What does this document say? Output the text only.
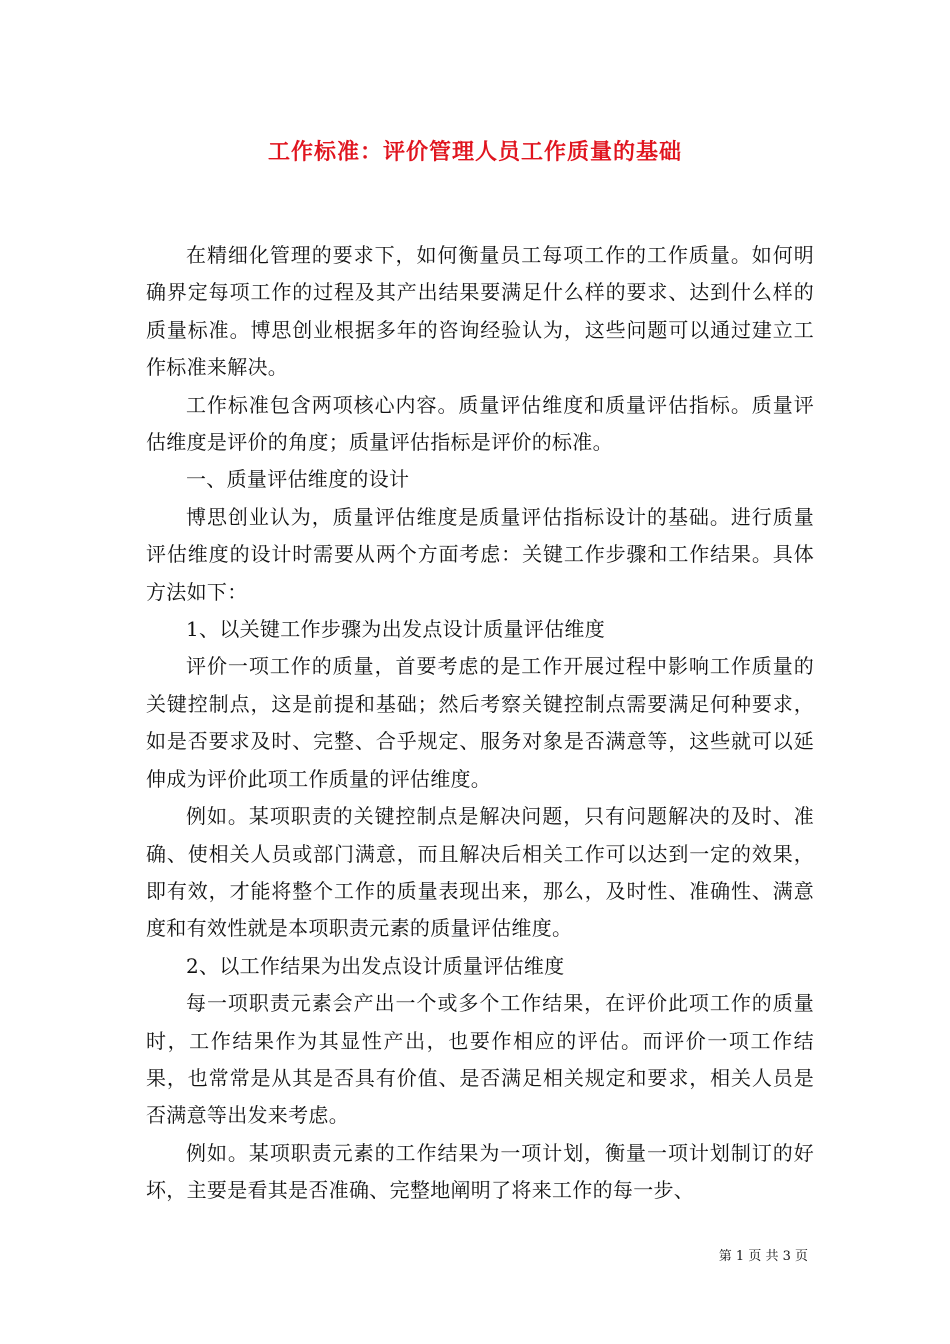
工作标准：评价管理人员工作质量的基础

在精细化管理的要求下，如何衡量员工每项工作的工作质量。如何明确界定每项工作的过程及其产出结果要满足什么样的要求、达到什么样的质量标准。博思创业根据多年的咨询经验认为，这些问题可以通过建立工作标准来解决。

工作标准包含两项核心内容。质量评估维度和质量评估指标。质量评估维度是评价的角度；质量评估指标是评价的标准。

一、质量评估维度的设计

博思创业认为，质量评估维度是质量评估指标设计的基础。进行质量评估维度的设计时需要从两个方面考虑：关键工作步骤和工作结果。具体方法如下：

1、以关键工作步骤为出发点设计质量评估维度

评价一项工作的质量，首要考虑的是工作开展过程中影响工作质量的关键控制点，这是前提和基础；然后考察关键控制点需要满足何种要求，如是否要求及时、完整、合乎规定、服务对象是否满意等，这些就可以延伸成为评价此项工作质量的评估维度。

例如。某项职责的关键控制点是解决问题，只有问题解决的及时、准确、使相关人员或部门满意，而且解决后相关工作可以达到一定的效果，即有效，才能将整个工作的质量表现出来，那么，及时性、准确性、满意度和有效性就是本项职责元素的质量评估维度。

2、以工作结果为出发点设计质量评估维度

每一项职责元素会产出一个或多个工作结果，在评价此项工作的质量时，工作结果作为其显性产出，也要作相应的评估。而评价一项工作结果，也常常是从其是否具有价值、是否满足相关规定和要求，相关人员是否满意等出发来考虑。

例如。某项职责元素的工作结果为一项计划，衡量一项计划制订的好坏，主要是看其是否准确、完整地阐明了将来工作的每一步、

第 1 页 共 3 页
